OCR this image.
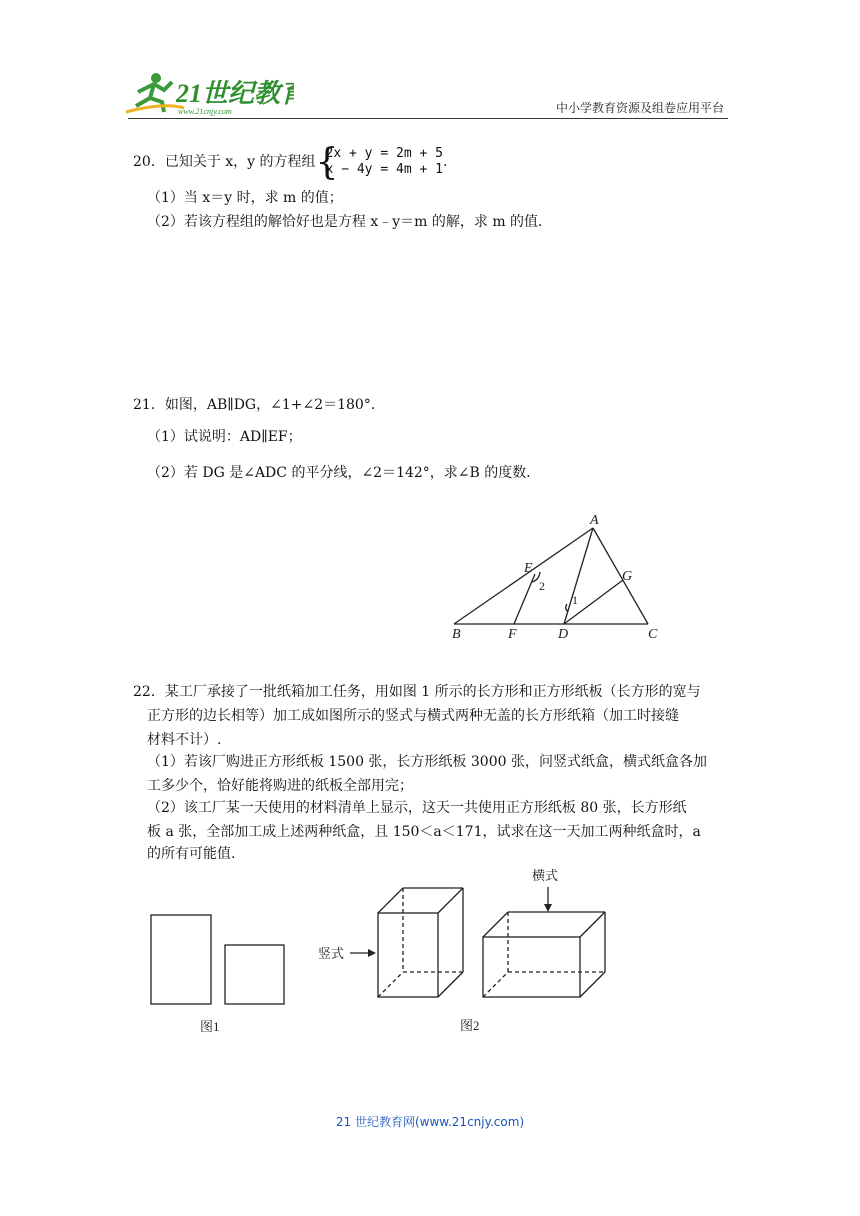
21世纪教育
www.21cnjy.com	中小学教育资源及组卷应用平台
20．已知关于 x，y 的方程组 {
2x + y = 2m + 5
x − 4y = 4m + 1 .
（1）当 x＝y 时，求 m 的值；
（2）若该方程组的解恰好也是方程 x﹣y＝m 的解，求 m 的值．
21．如图，AB∥DG，∠1+∠2＝180°．
（1）试说明：AD∥EF；
（2）若 DG 是∠ADC 的平分线，∠2＝142°，求∠B 的度数．
A
B	C
D
E
F
G
1
2
22．某工厂承接了一批纸箱加工任务，用如图 1 所示的长方形和正方形纸板（长方形的宽与
正方形的边长相等）加工成如图所示的竖式与横式两种无盖的长方形纸箱（加工时接缝
材料不计）.
（1）若该厂购进正方形纸板 1500 张，长方形纸板 3000 张，问竖式纸盒，横式纸盒各加
工多少个，恰好能将购进的纸板全部用完；
（2）该工厂某一天使用的材料清单上显示，这天一共使用正方形纸板 80 张，长方形纸
板 a 张，全部加工成上述两种纸盒，且 150＜a＜171，试求在这一天加工两种纸盒时，a
的所有可能值.
图1
竖式
横式
图2
21 世纪教育网(www.21cnjy.com)
